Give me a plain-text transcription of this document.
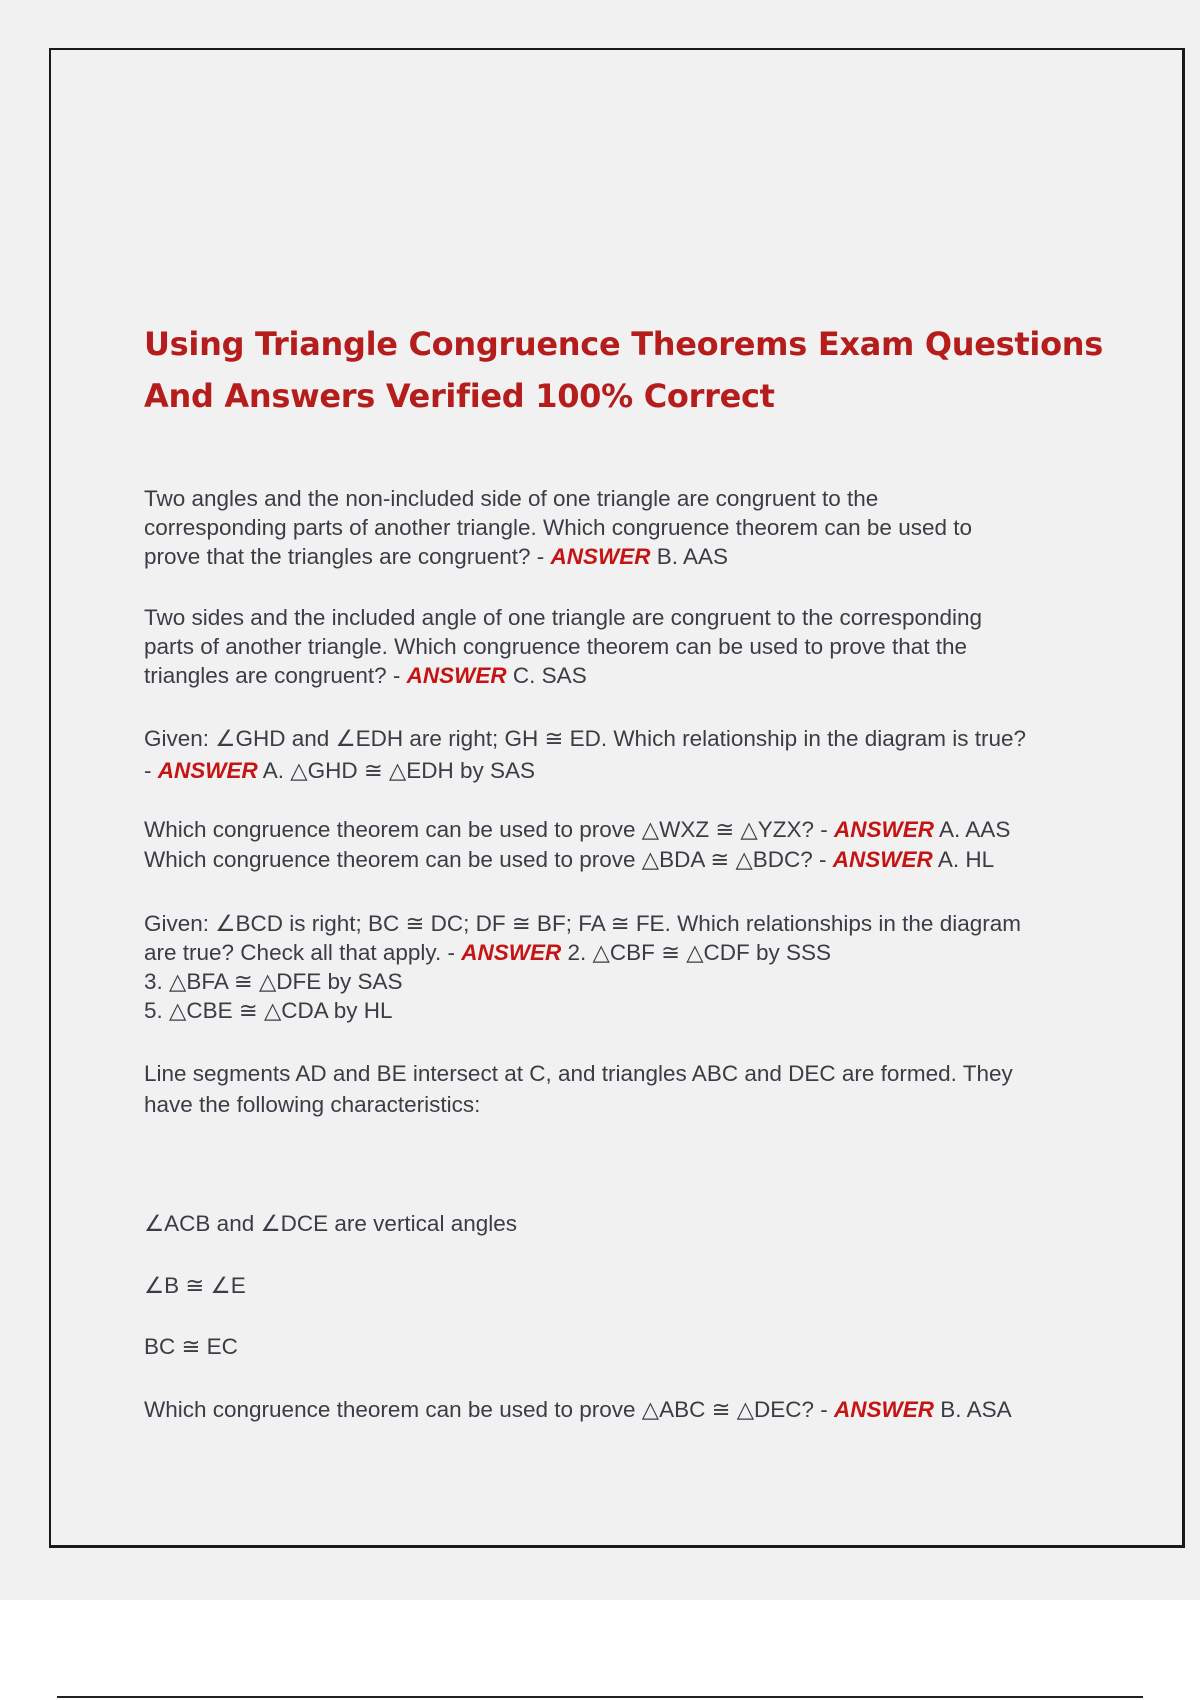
Using Triangle Congruence Theorems Exam Questions
And Answers Verified 100% Correct

Two angles and the non-included side of one triangle are congruent to the
corresponding parts of another triangle. Which congruence theorem can be used to
prove that the triangles are congruent? - ANSWER B. AAS

Two sides and the included angle of one triangle are congruent to the corresponding
parts of another triangle. Which congruence theorem can be used to prove that the
triangles are congruent? - ANSWER C. SAS

Given: ∠GHD and ∠EDH are right; GH ≅ ED. Which relationship in the diagram is true?
- ANSWER A. △GHD ≅ △EDH by SAS

Which congruence theorem can be used to prove △WXZ ≅ △YZX? - ANSWER A. AAS
Which congruence theorem can be used to prove △BDA ≅ △BDC? - ANSWER A. HL

Given: ∠BCD is right; BC ≅ DC; DF ≅ BF; FA ≅ FE. Which relationships in the diagram
are true? Check all that apply. - ANSWER 2. △CBF ≅ △CDF by SSS
3. △BFA ≅ △DFE by SAS
5. △CBE ≅ △CDA by HL

Line segments AD and BE intersect at C, and triangles ABC and DEC are formed. They
have the following characteristics:

∠ACB and ∠DCE are vertical angles

∠B ≅ ∠E

BC ≅ EC

Which congruence theorem can be used to prove △ABC ≅ △DEC? - ANSWER B. ASA
